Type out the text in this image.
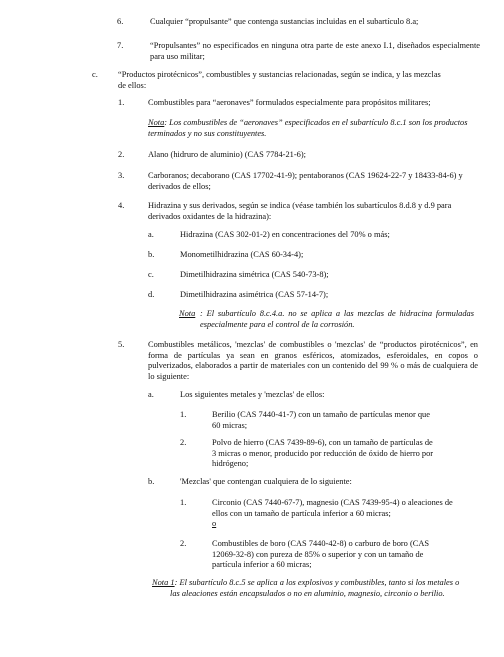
6.	Cualquier “propulsante” que contenga sustancias incluidas en el subartículo 8.a;
7.	“Propulsantes” no especificados en ninguna otra parte de este anexo I.1, diseñados especialmente para uso militar;
c. “Productos pirotécnicos”, combustibles y sustancias relacionadas, según se indica, y las mezclas de ellos:
1.	Combustibles para “aeronaves” formulados especialmente para propósitos militares;
Nota: Los combustibles de “aeronaves” especificados en el subartículo 8.c.1 son los productos terminados y no sus constituyentes.
2.	Alano (hidruro de aluminio) (CAS 7784-21-6);
3.	Carboranos; decaborano (CAS 17702-41-9); pentaboranos (CAS 19624-22-7 y 18433-84-6) y derivados de ellos;
4.	Hidrazina y sus derivados, según se indica (véase también los subartículos 8.d.8 y d.9 para derivados oxidantes de la hidrazina):
a.	Hidrazina (CAS 302-01-2) en concentraciones del 70% o más;
b.	Monometilhidrazina (CAS 60-34-4);
c.	Dimetilhidrazina simétrica (CAS 540-73-8);
d.	Dimetilhidrazina asimétrica (CAS 57-14-7);
Nota : El subartículo 8.c.4.a. no se aplica a las mezclas de hidracina formuladas especialmente para el control de la corrosión.
5.	Combustibles metálicos, 'mezclas' de combustibles o 'mezclas' de “productos pirotécnicos”, en forma de partículas ya sean en granos esféricos, atomizados, esferoidales, en copos o pulverizados, elaborados a partir de materiales con un contenido del 99 % o más de cualquiera de lo siguiente:
a.	Los siguientes metales y 'mezclas' de ellos:
1.	Berilio (CAS 7440-41-7) con un tamaño de partículas menor que 60 micras;
2.	Polvo de hierro (CAS 7439-89-6), con un tamaño de partículas de 3 micras o menor, producido por reducción de óxido de hierro por hidrógeno;
b.	'Mezclas' que contengan cualquiera de lo siguiente:
1.	Circonio (CAS 7440-67-7), magnesio (CAS 7439-95-4) o aleaciones de ellos con un tamaño de partícula inferior a 60 micras;
o
2.	Combustibles de boro (CAS 7440-42-8) o carburo de boro (CAS 12069-32-8) con pureza de 85% o superior y con un tamaño de partícula inferior a 60 micras;
Nota 1: El subartículo 8.c.5 se aplica a los explosivos y combustibles, tanto si los metales o las aleaciones están encapsulados o no en aluminio, magnesio, circonio o berilio.
